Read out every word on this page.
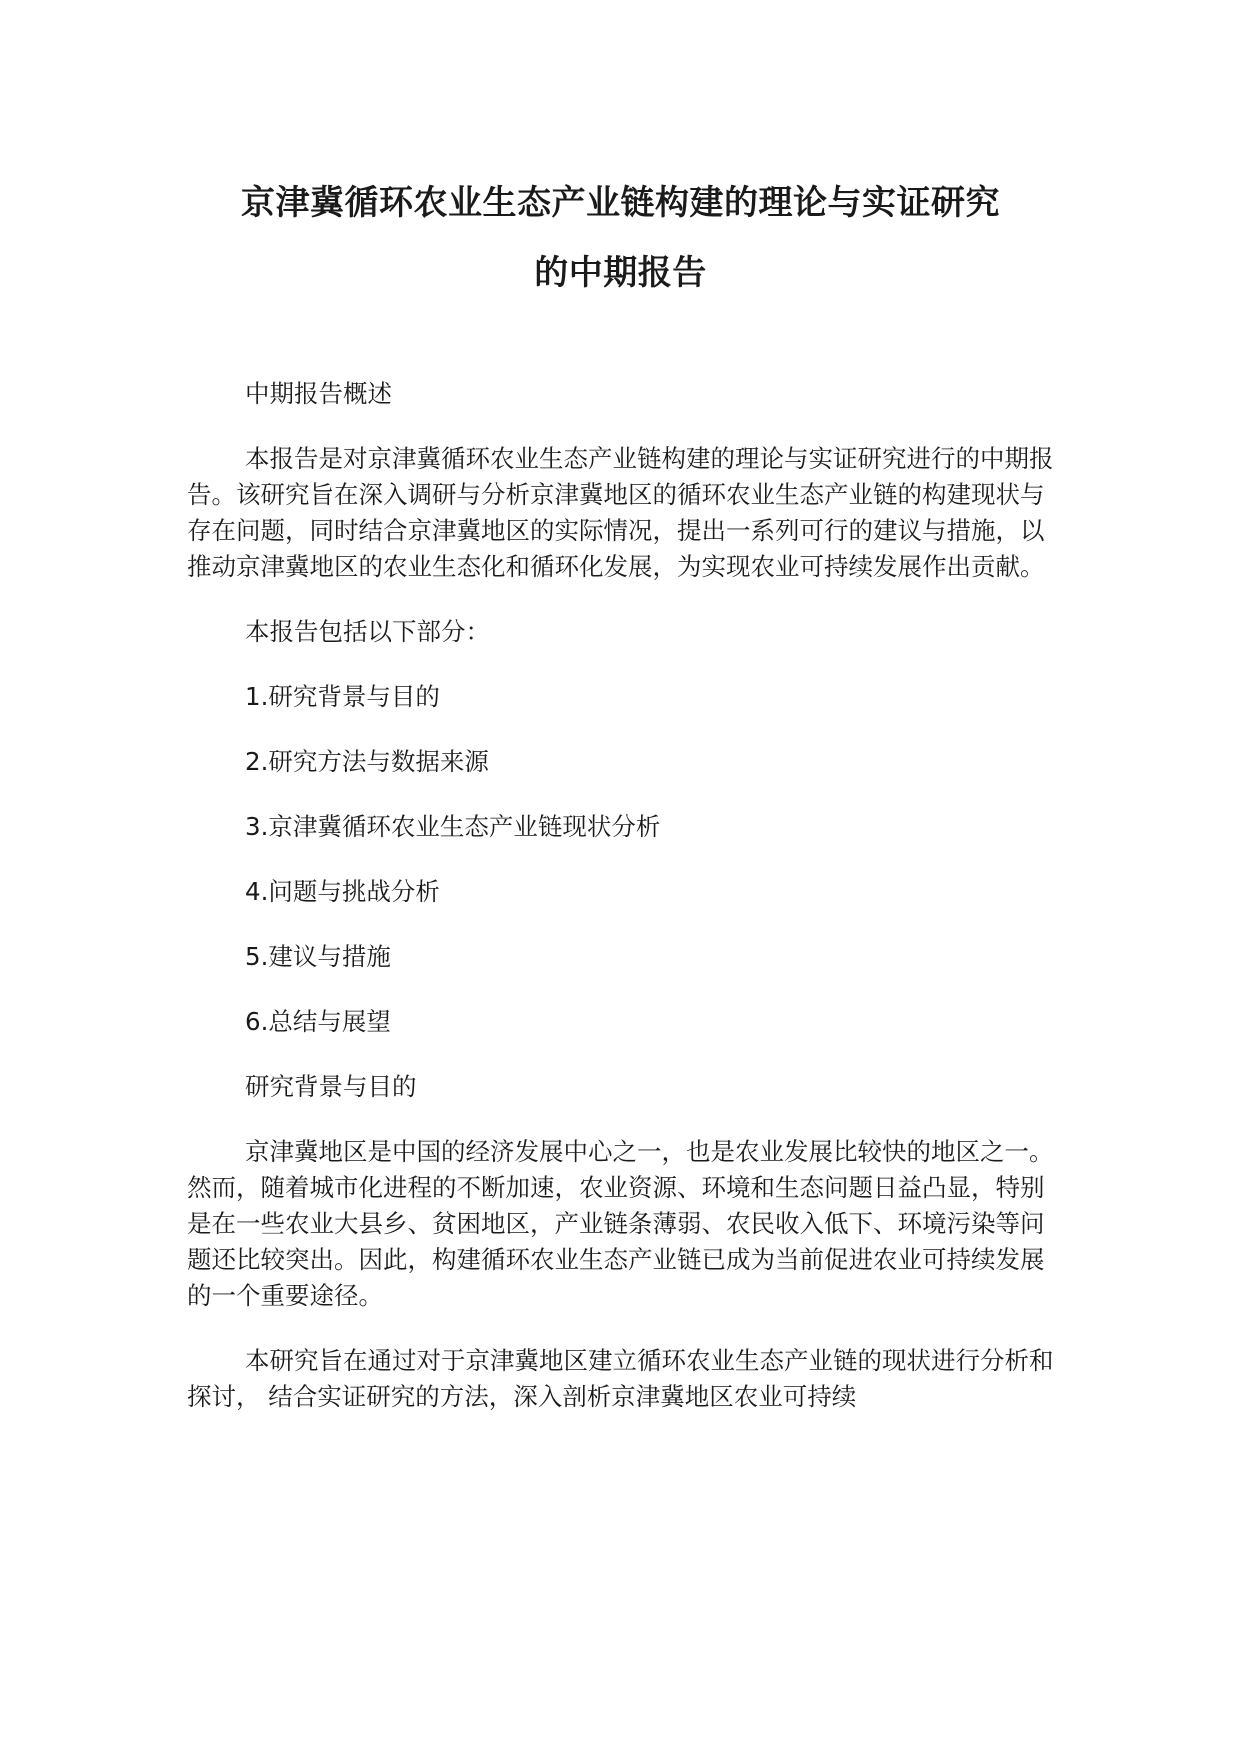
京津冀循环农业生态产业链构建的理论与实证研究
的中期报告
中期报告概述

本报告是对京津冀循环农业生态产业链构建的理论与实证研究进行的中期报告。该研究旨在深入调研与分析京津冀地区的循环农业生态产业链的构建现状与存在问题，同时结合京津冀地区的实际情况，提出一系列可行的建议与措施，以推动京津冀地区的农业生态化和循环化发展，为实现农业可持续发展作出贡献。

本报告包括以下部分：
1.研究背景与目的
2.研究方法与数据来源
3.京津冀循环农业生态产业链现状分析
4.问题与挑战分析
5.建议与措施
6.总结与展望
研究背景与目的

京津冀地区是中国的经济发展中心之一，也是农业发展比较快的地区之一。然而，随着城市化进程的不断加速，农业资源、环境和生态问题日益凸显，特别是在一些农业大县乡、贫困地区，产业链条薄弱、农民收入低下、环境污染等问题还比较突出。因此，构建循环农业生态产业链已成为当前促进农业可持续发展的一个重要途径。

本研究旨在通过对于京津冀地区建立循环农业生态产业链的现状进行分析和探讨， 结合实证研究的方法，深入剖析京津冀地区农业可持续
